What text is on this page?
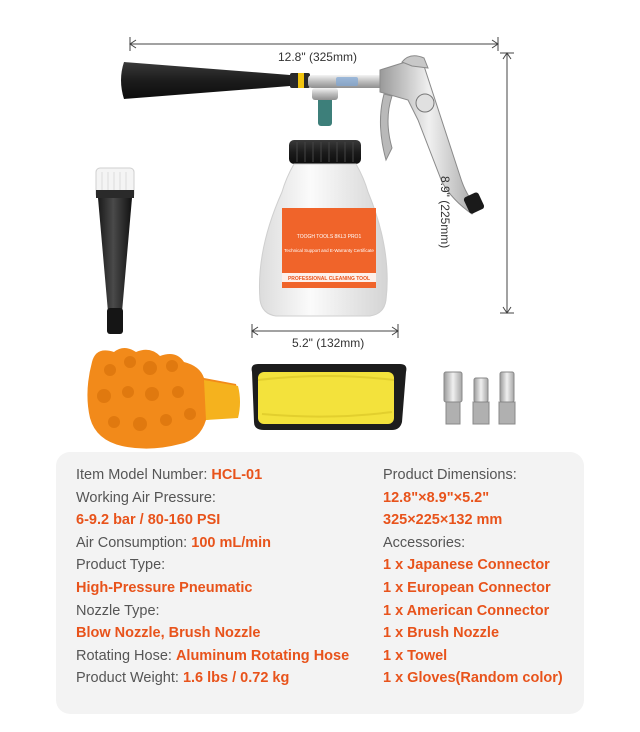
TOOGH TOOLS 8KL3 PRO1
Technical Support and E-Warranty Certificate
PROFESSIONAL CLEANING TOOL
12.8" (325mm)
8.9" (225mm)
5.2" (132mm)
Item Model Number: HCL-01
Working Air Pressure:
6-9.2 bar / 80-160 PSI
Air Consumption: 100 mL/min
Product Type:
High-Pressure Pneumatic
Nozzle Type:
Blow Nozzle, Brush Nozzle
Rotating Hose: Aluminum Rotating Hose
Product Weight: 1.6 lbs / 0.72 kg
Product Dimensions:
12.8"×8.9"×5.2"
325×225×132 mm
Accessories:
1 x Japanese Connector
1 x European Connector
1 x American Connector
1 x Brush Nozzle
1 x Towel
1 x Gloves(Random color)
